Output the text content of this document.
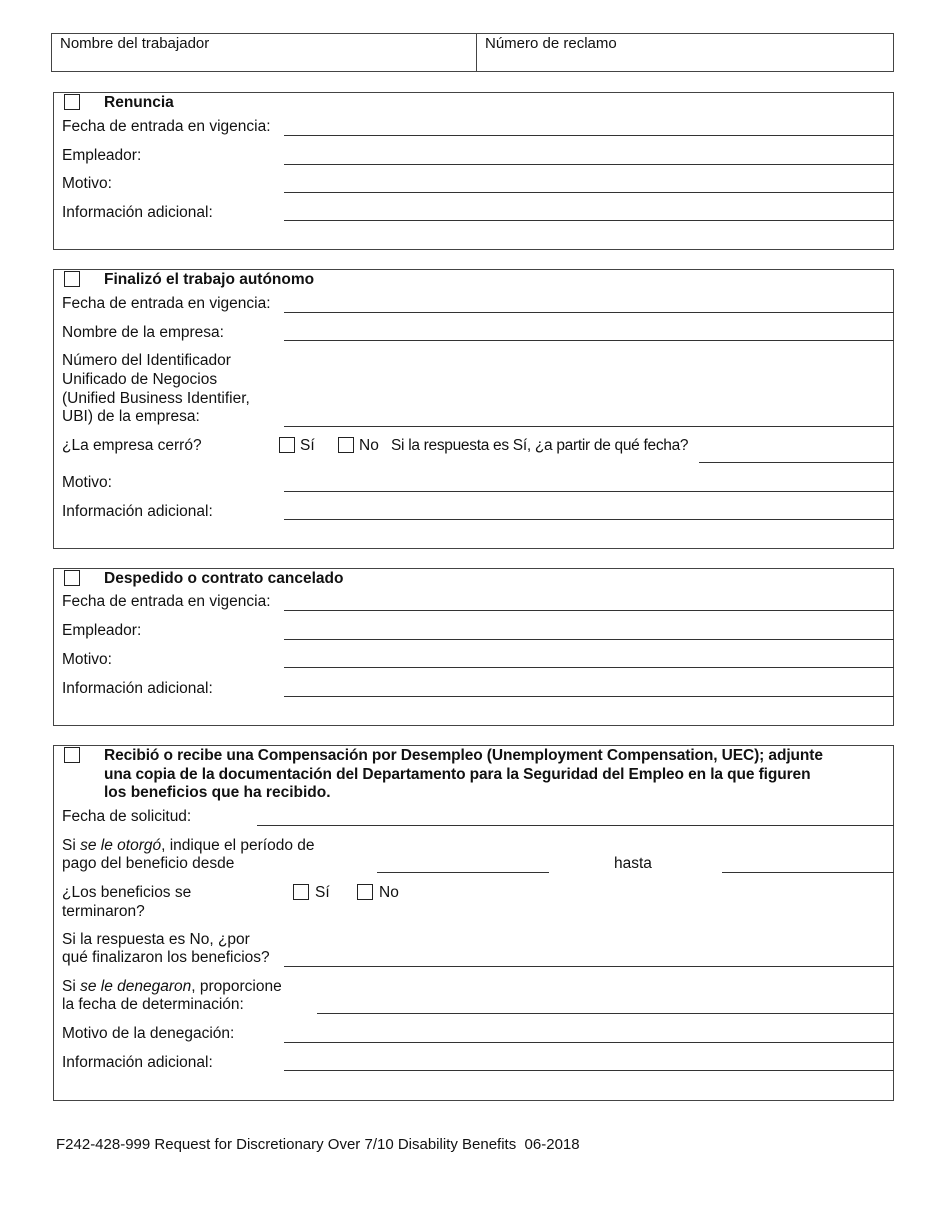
Nombre del trabajador	Número de reclamo
Renuncia
Fecha de entrada en vigencia:
Empleador:
Motivo:
Información adicional:
Finalizó el trabajo autónomo
Fecha de entrada en vigencia:
Nombre de la empresa:
Número del Identificador
Unificado de Negocios
(Unified Business Identifier,
UBI) de la empresa:
¿La empresa cerró?	Sí	No Si la respuesta es Sí, ¿a partir de qué fecha?
Motivo:
Información adicional:
Despedido o contrato cancelado
Fecha de entrada en vigencia:
Empleador:
Motivo:
Información adicional:
Recibió o recibe una Compensación por Desempleo (Unemployment Compensation, UEC); adjunte
una copia de la documentación del Departamento para la Seguridad del Empleo en la que figuren
los beneficios que ha recibido.
Fecha de solicitud:
Si se le otorgó, indique el período de
pago del beneficio desde	hasta
¿Los beneficios se
terminaron?
Sí	No
Si la respuesta es No, ¿por
qué finalizaron los beneficios?
Si se le denegaron, proporcione
la fecha de determinación:
Motivo de la denegación:
Información adicional:
F242-428-999 Request for Discretionary Over 7/10 Disability Benefits  06-2018
